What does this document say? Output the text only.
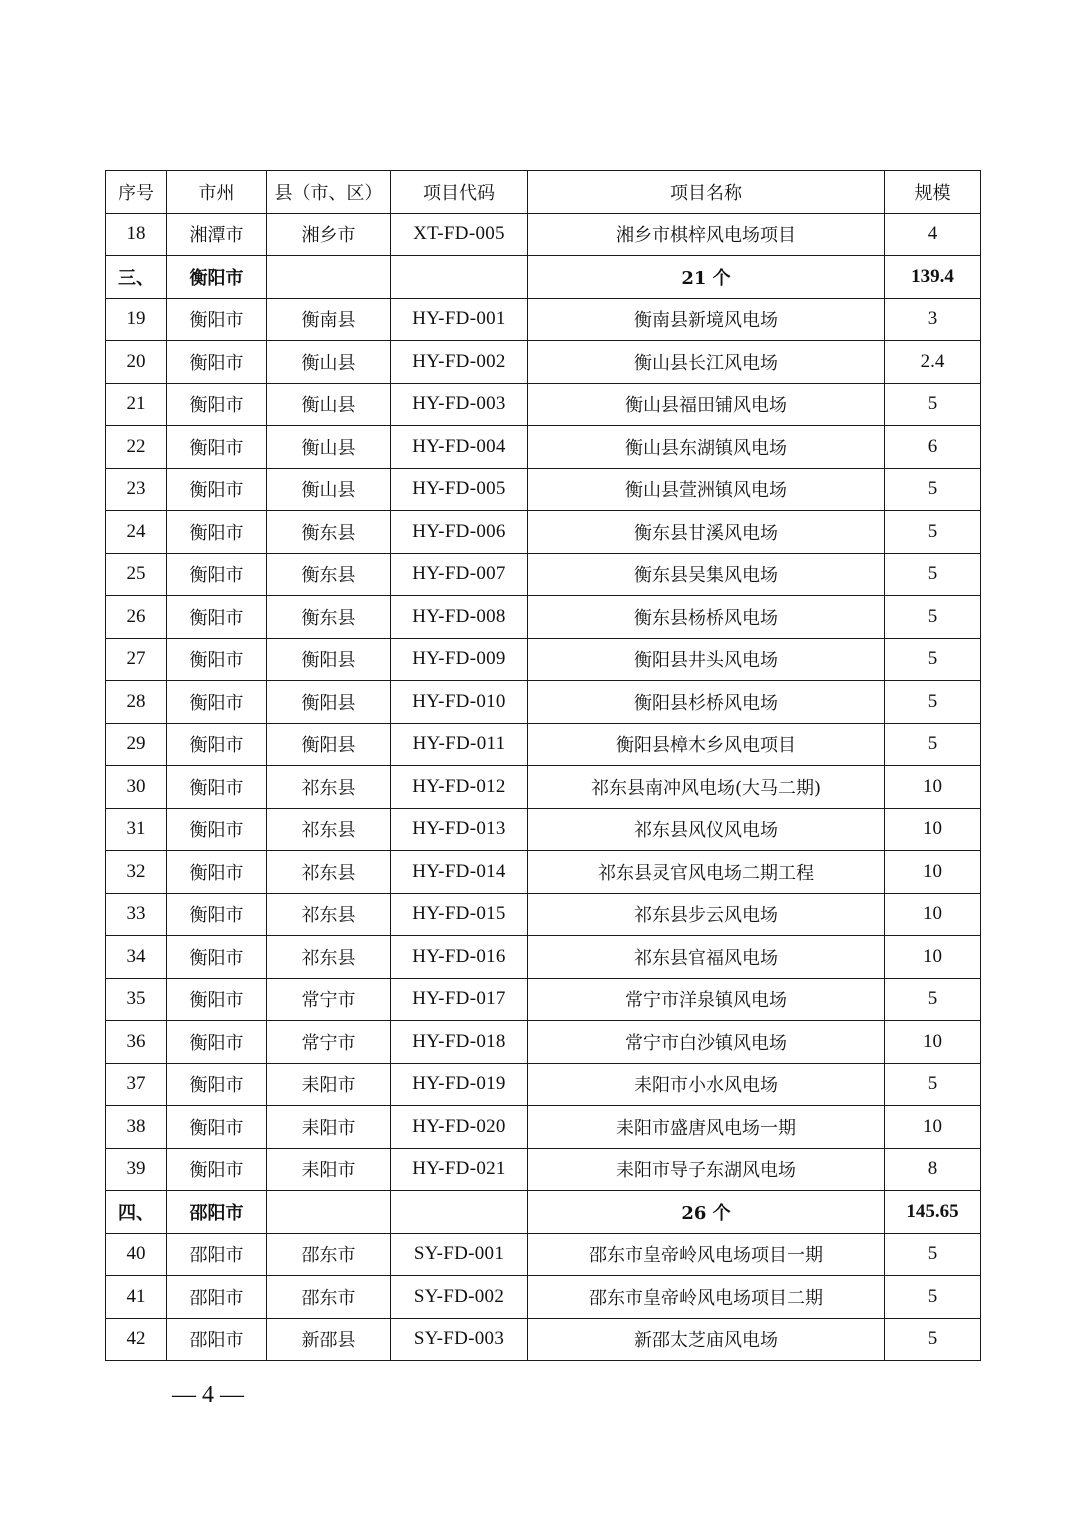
序号	市州	县（市、区）	项目代码	项目名称	规模
18	湘潭市	湘乡市	XT-FD-005	湘乡市棋梓风电场项目	4
三、	衡阳市			21 个	139.4
19	衡阳市	衡南县	HY-FD-001	衡南县新境风电场	3
20	衡阳市	衡山县	HY-FD-002	衡山县长江风电场	2.4
21	衡阳市	衡山县	HY-FD-003	衡山县福田铺风电场	5
22	衡阳市	衡山县	HY-FD-004	衡山县东湖镇风电场	6
23	衡阳市	衡山县	HY-FD-005	衡山县萱洲镇风电场	5
24	衡阳市	衡东县	HY-FD-006	衡东县甘溪风电场	5
25	衡阳市	衡东县	HY-FD-007	衡东县吴集风电场	5
26	衡阳市	衡东县	HY-FD-008	衡东县杨桥风电场	5
27	衡阳市	衡阳县	HY-FD-009	衡阳县井头风电场	5
28	衡阳市	衡阳县	HY-FD-010	衡阳县杉桥风电场	5
29	衡阳市	衡阳县	HY-FD-011	衡阳县樟木乡风电项目	5
30	衡阳市	祁东县	HY-FD-012	祁东县南冲风电场(大马二期)	10
31	衡阳市	祁东县	HY-FD-013	祁东县风仪风电场	10
32	衡阳市	祁东县	HY-FD-014	祁东县灵官风电场二期工程	10
33	衡阳市	祁东县	HY-FD-015	祁东县步云风电场	10
34	衡阳市	祁东县	HY-FD-016	祁东县官福风电场	10
35	衡阳市	常宁市	HY-FD-017	常宁市洋泉镇风电场	5
36	衡阳市	常宁市	HY-FD-018	常宁市白沙镇风电场	10
37	衡阳市	耒阳市	HY-FD-019	耒阳市小水风电场	5
38	衡阳市	耒阳市	HY-FD-020	耒阳市盛唐风电场一期	10
39	衡阳市	耒阳市	HY-FD-021	耒阳市导子东湖风电场	8
四、	邵阳市			26 个	145.65
40	邵阳市	邵东市	SY-FD-001	邵东市皇帝岭风电场项目一期	5
41	邵阳市	邵东市	SY-FD-002	邵东市皇帝岭风电场项目二期	5
42	邵阳市	新邵县	SY-FD-003	新邵太芝庙风电场	5
— 4 —
